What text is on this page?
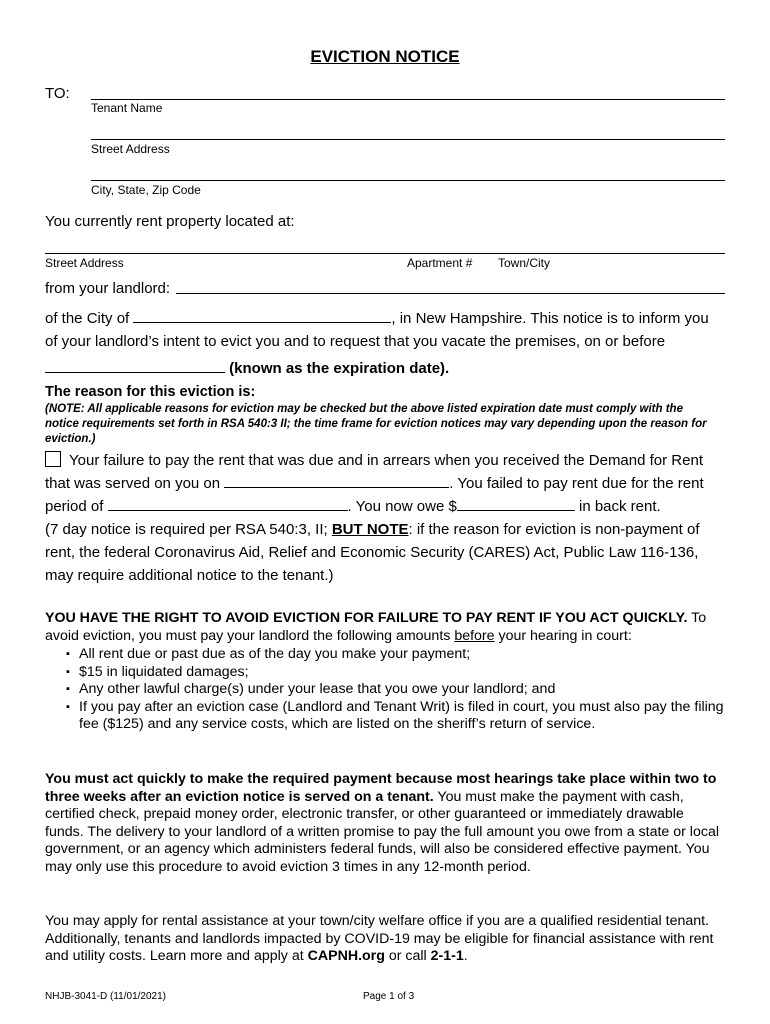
EVICTION NOTICE
TO:
Tenant Name
Street Address
City, State, Zip Code
You currently rent property located at:
Street Address	Apartment # Town/City
from your landlord:
of the City of	, in New Hampshire. This notice is to inform you
of your landlord’s intent to evict you and to request that you vacate the premises, on or before
(known as the expiration date).
The reason for this eviction is:
(NOTE: All applicable reasons for eviction may be checked but the above listed expiration date must comply with the notice requirements set forth in RSA 540:3 II; the time frame for eviction notices may vary depending upon the reason for eviction.)
Your failure to pay the rent that was due and in arrears when you received the Demand for Rent
that was served on you on	. You failed to pay rent due for the rent
period of	. You now owe $	in back rent.
(7 day notice is required per RSA 540:3, II; BUT NOTE: if the reason for eviction is non-payment of
rent, the federal Coronavirus Aid, Relief and Economic Security (CARES) Act, Public Law 116-136,
may require additional notice to the tenant.)
YOU HAVE THE RIGHT TO AVOID EVICTION FOR FAILURE TO PAY RENT IF YOU ACT QUICKLY. To avoid eviction, you must pay your landlord the following amounts before your hearing in court:
▪ All rent due or past due as of the day you make your payment;
▪ $15 in liquidated damages;
▪ Any other lawful charge(s) under your lease that you owe your landlord; and
▪ If you pay after an eviction case (Landlord and Tenant Writ) is filed in court, you must also pay the filing fee ($125) and any service costs, which are listed on the sheriff’s return of service.
You must act quickly to make the required payment because most hearings take place within two to three weeks after an eviction notice is served on a tenant. You must make the payment with cash, certified check, prepaid money order, electronic transfer, or other guaranteed or immediately drawable funds. The delivery to your landlord of a written promise to pay the full amount you owe from a state or local government, or an agency which administers federal funds, will also be considered effective payment. You may only use this procedure to avoid eviction 3 times in any 12-month period.
You may apply for rental assistance at your town/city welfare office if you are a qualified residential tenant. Additionally, tenants and landlords impacted by COVID-19 may be eligible for financial assistance with rent and utility costs. Learn more and apply at CAPNH.org or call 2-1-1.
NHJB-3041-D (11/01/2021)	Page 1 of 3
